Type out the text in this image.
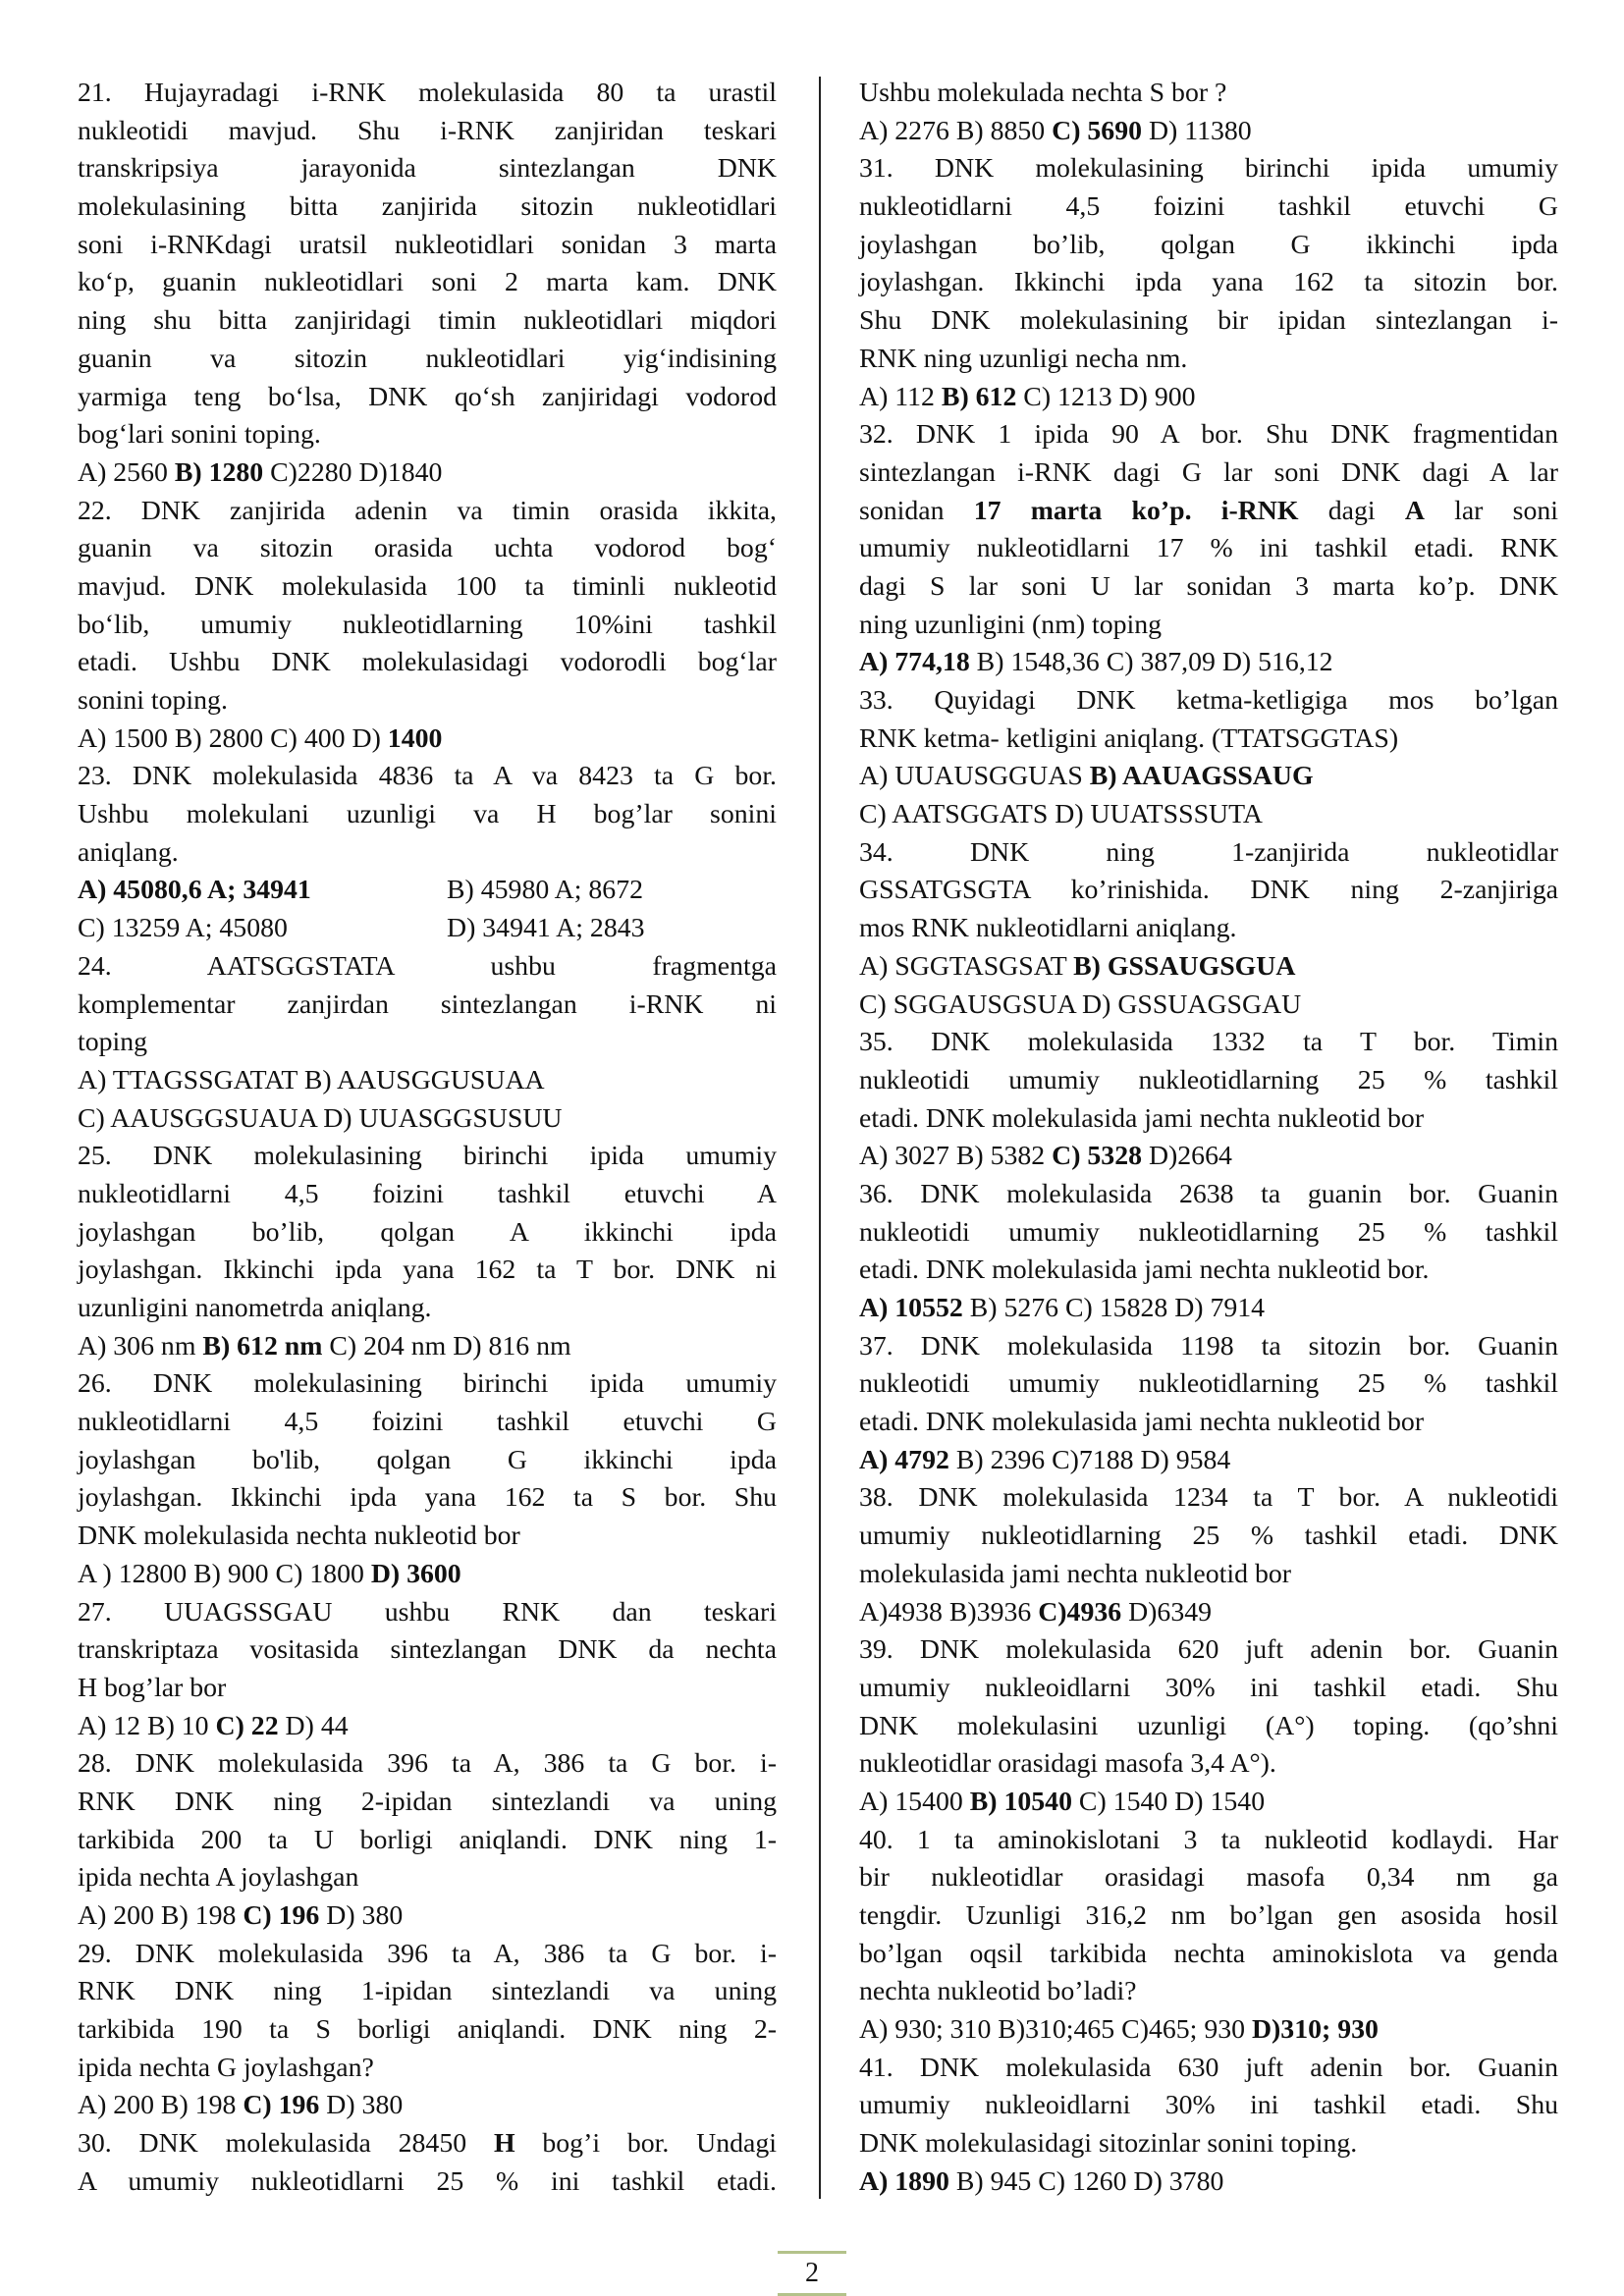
21. Hujayradagi i-RNK molekulasida 80 ta urastil
nukleotidi mavjud. Shu i-RNK zanjiridan teskari
transkripsiya jarayonida sintezlangan DNK
molekulasining bitta zanjirida sitozin nukleotidlari
soni i-RNKdagi uratsil nukleotidlari sonidan 3 marta
ko‘p, guanin nukleotidlari soni 2 marta kam. DNK
ning shu bitta zanjiridagi timin nukleotidlari miqdori
guanin va sitozin nukleotidlari yig‘indisining
yarmiga teng bo‘lsa, DNK qo‘sh zanjiridagi vodorod
bog‘lari sonini toping.
A) 2560 B) 1280 C)2280 D)1840
22. DNK zanjirida adenin va timin orasida ikkita,
guanin va sitozin orasida uchta vodorod bog‘
mavjud. DNK molekulasida 100 ta timinli nukleotid
bo‘lib, umumiy nukleotidlarning 10%ini tashkil
etadi. Ushbu DNK molekulasidagi vodorodli bog‘lar
sonini toping.
A) 1500 B) 2800 C) 400 D) 1400
23. DNK molekulasida 4836 ta A va 8423 ta G bor.
Ushbu molekulani uzunligi va H bog’lar sonini
aniqlang.
A) 45080,6 A; 34941	B) 45980 A; 8672
C) 13259 A; 45080	D) 34941 A; 2843
24. AATSGGSTATA ushbu fragmentga
komplementar zanjirdan sintezlangan i-RNK ni
toping
A) TTAGSSGATAT B) AAUSGGUSUAA
C) AAUSGGSUAUA D) UUASGGSUSUU
25. DNK molekulasining birinchi ipida umumiy
nukleotidlarni 4,5 foizini tashkil etuvchi A
joylashgan bo’lib, qolgan A ikkinchi ipda
joylashgan. Ikkinchi ipda yana 162 ta T bor. DNK ni
uzunligini nanometrda aniqlang.
A) 306 nm B) 612 nm C) 204 nm D) 816 nm
26. DNK molekulasining birinchi ipida umumiy
nukleotidlarni 4,5 foizini tashkil etuvchi G
joylashgan bo'lib, qolgan G ikkinchi ipda
joylashgan. Ikkinchi ipda yana 162 ta S bor. Shu
DNK molekulasida nechta nukleotid bor
A ) 12800 B) 900 C) 1800 D) 3600
27. UUAGSSGAU ushbu RNK dan teskari
transkriptaza vositasida sintezlangan DNK da nechta
H bog’lar bor
A) 12 B) 10 C) 22 D) 44
28. DNK molekulasida 396 ta A, 386 ta G bor. i-
RNK DNK ning 2-ipidan sintezlandi va uning
tarkibida 200 ta U borligi aniqlandi. DNK ning 1-
ipida nechta A joylashgan
A) 200 B) 198 C) 196 D) 380
29. DNK molekulasida 396 ta A, 386 ta G bor. i-
RNK DNK ning 1-ipidan sintezlandi va uning
tarkibida 190 ta S borligi aniqlandi. DNK ning 2-
ipida nechta G joylashgan?
A) 200 B) 198 C) 196 D) 380
30. DNK molekulasida 28450 H bog’i bor. Undagi
A umumiy nukleotidlarni 25 % ini tashkil etadi.
Ushbu molekulada nechta S bor ?
A) 2276 B) 8850 C) 5690 D) 11380
31. DNK molekulasining birinchi ipida umumiy
nukleotidlarni 4,5 foizini tashkil etuvchi G
joylashgan bo’lib, qolgan G ikkinchi ipda
joylashgan. Ikkinchi ipda yana 162 ta sitozin bor.
Shu DNK molekulasining bir ipidan sintezlangan i-
RNK ning uzunligi necha nm.
A) 112 B) 612 C) 1213 D) 900
32. DNK 1 ipida 90 A bor. Shu DNK fragmentidan
sintezlangan i-RNK dagi G lar soni DNK dagi A lar
sonidan 17 marta ko’p. i-RNK dagi A lar soni
umumiy nukleotidlarni 17 % ini tashkil etadi. RNK
dagi S lar soni U lar sonidan 3 marta ko’p. DNK
ning uzunligini (nm) toping
A) 774,18 B) 1548,36 C) 387,09 D) 516,12
33. Quyidagi DNK ketma-ketligiga mos bo’lgan
RNK ketma- ketligini aniqlang. (TTATSGGTAS)
A) UUAUSGGUAS B) AAUAGSSAUG
C) AATSGGATS D) UUATSSSUTA
34. DNK ning 1-zanjirida nukleotidlar
GSSATGSGTA ko’rinishida. DNK ning 2-zanjiriga
mos RNK nukleotidlarni aniqlang.
A) SGGTASGSAT B) GSSAUGSGUA
C) SGGAUSGSUA D) GSSUAGSGAU
35. DNK molekulasida 1332 ta T bor. Timin
nukleotidi umumiy nukleotidlarning 25 % tashkil
etadi. DNK molekulasida jami nechta nukleotid bor
A) 3027 B) 5382 C) 5328 D)2664
36. DNK molekulasida 2638 ta guanin bor. Guanin
nukleotidi umumiy nukleotidlarning 25 % tashkil
etadi. DNK molekulasida jami nechta nukleotid bor.
A) 10552 B) 5276 C) 15828 D) 7914
37. DNK molekulasida 1198 ta sitozin bor. Guanin
nukleotidi umumiy nukleotidlarning 25 % tashkil
etadi. DNK molekulasida jami nechta nukleotid bor
A) 4792 B) 2396 C)7188 D) 9584
38. DNK molekulasida 1234 ta T bor. A nukleotidi
umumiy nukleotidlarning 25 % tashkil etadi. DNK
molekulasida jami nechta nukleotid bor
A)4938 B)3936 C)4936 D)6349
39. DNK molekulasida 620 juft adenin bor. Guanin
umumiy nukleoidlarni 30% ini tashkil etadi. Shu
DNK molekulasini uzunligi (A°) toping. (qo’shni
nukleotidlar orasidagi masofa 3,4 A°).
A) 15400 B) 10540 C) 1540 D) 1540
40. 1 ta aminokislotani 3 ta nukleotid kodlaydi. Har
bir nukleotidlar orasidagi masofa 0,34 nm ga
tengdir. Uzunligi 316,2 nm bo’lgan gen asosida hosil
bo’lgan oqsil tarkibida nechta aminokislota va genda
nechta nukleotid bo’ladi?
A) 930; 310 B)310;465 C)465; 930 D)310; 930
41. DNK molekulasida 630 juft adenin bor. Guanin
umumiy nukleoidlarni 30% ini tashkil etadi. Shu
DNK molekulasidagi sitozinlar sonini toping.
A) 1890 B) 945 C) 1260 D) 3780
2
